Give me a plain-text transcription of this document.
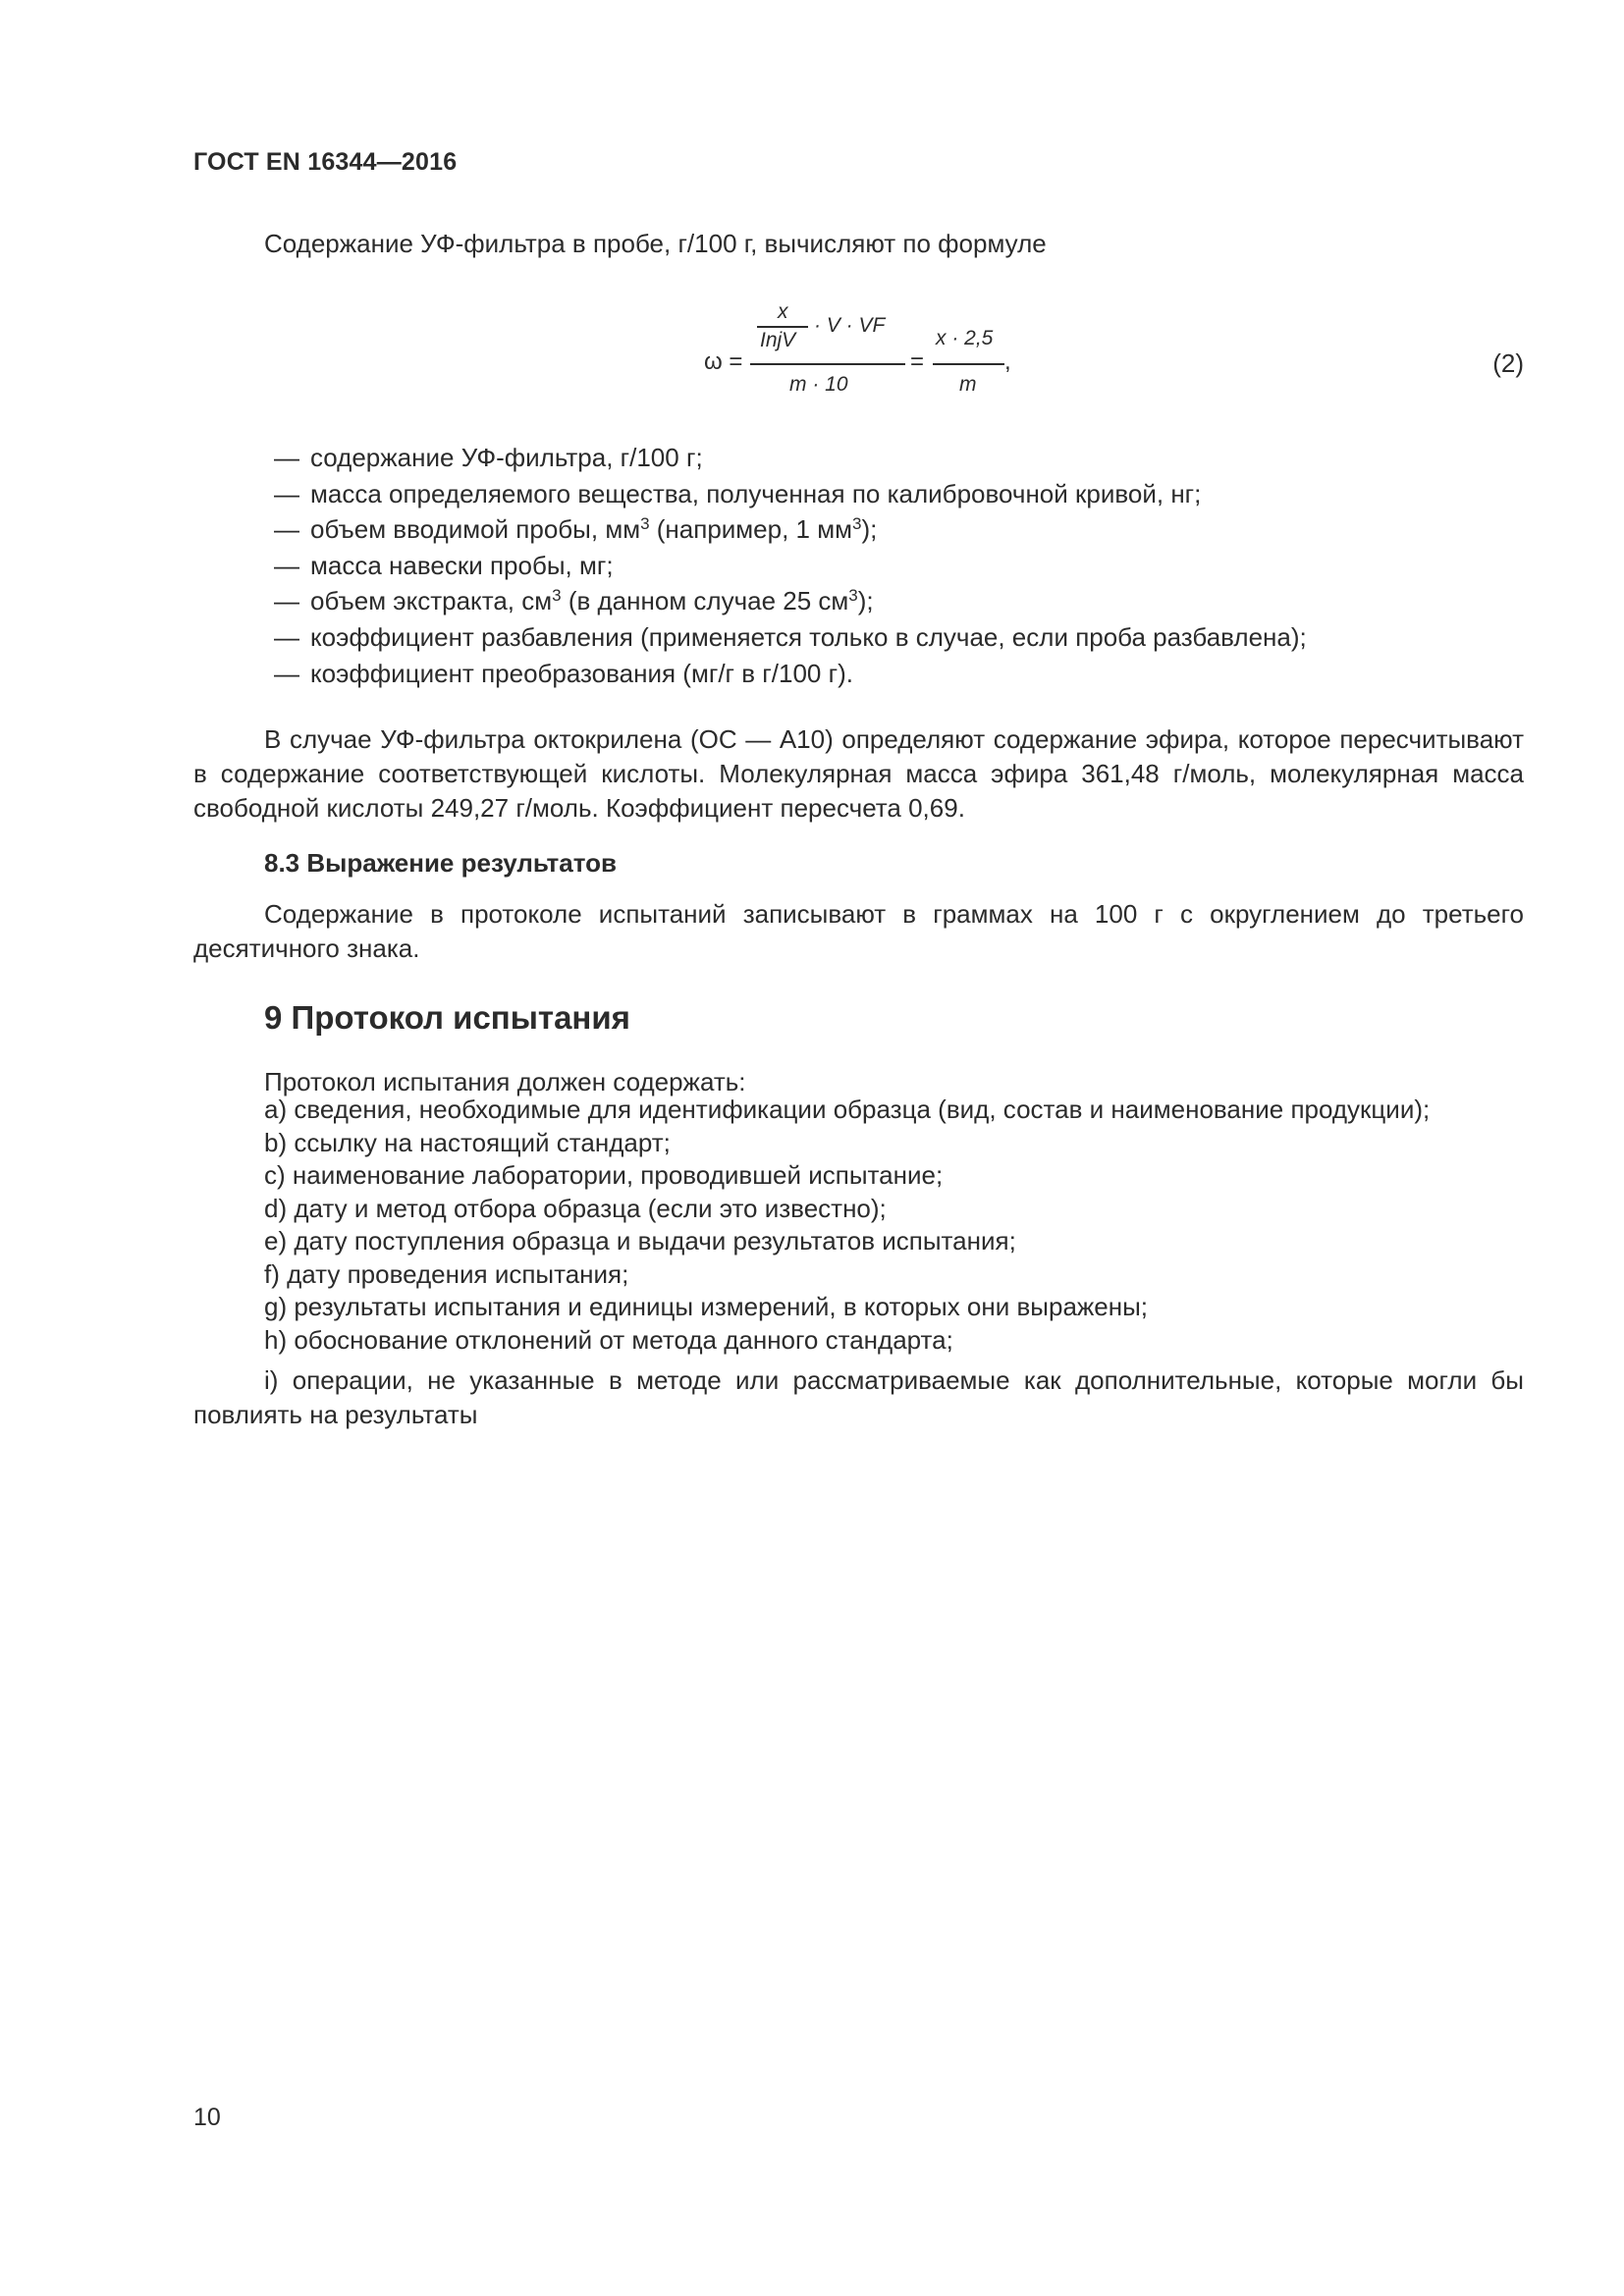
ГОСТ EN 16344—2016
Содержание УФ-фильтра в пробе, г/100 г, вычисляют по формуле
ω =
x
InjV
· V · VF
m · 10
=
x · 2,5
m
,	(2)
— содержание УФ-фильтра, г/100 г;
— масса определяемого вещества, полученная по калибровочной кривой, нг;
— объем вводимой пробы, $мм^3$ (например, 1 $мм^3$);
— масса навески пробы, мг;
— объем экстракта, $см^3$ (в данном случае 25 $см^3$);
— коэффициент разбавления (применяется только в случае, если проба разбавлена);
— коэффициент преобразования (мг/г в г/100 г).
В случае УФ-фильтра октокрилена (ОС — А10) определяют содержание эфира, которое пересчитывают в содержание соответствующей кислоты. Молекулярная масса эфира 361,48 г/моль, молекулярная масса свободной кислоты 249,27 г/моль. Коэффициент пересчета 0,69.
8.3 Выражение результатов
Содержание в протоколе испытаний записывают в граммах на 100 г с округлением до третьего десятичного знака.
9 Протокол испытания
Протокол испытания должен содержать:
a) сведения, необходимые для идентификации образца (вид, состав и наименование продукции);
b) ссылку на настоящий стандарт;
c) наименование лаборатории, проводившей испытание;
d) дату и метод отбора образца (если это известно);
e) дату поступления образца и выдачи результатов испытания;
f) дату проведения испытания;
g) результаты испытания и единицы измерений, в которых они выражены;
h) обоснование отклонений от метода данного стандарта;
i) операции, не указанные в методе или рассматриваемые как дополнительные, которые могли бы повлиять на результаты
10
